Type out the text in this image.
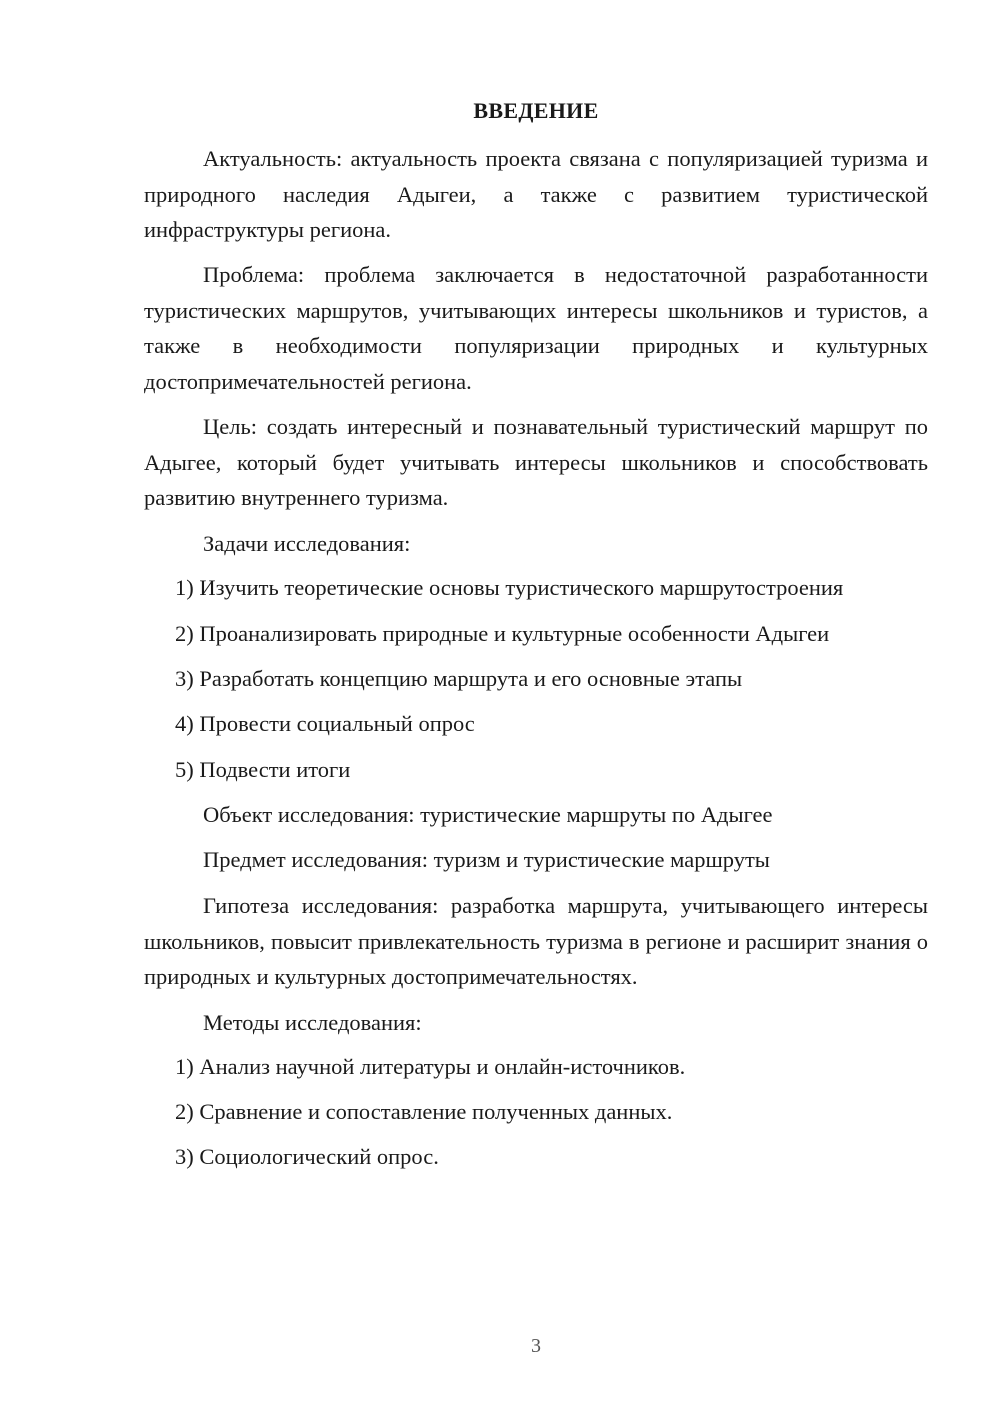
ВВЕДЕНИЕ

Актуальность: актуальность проекта связана с популяризацией туризма и природного наследия Адыгеи, а также с развитием туристической инфраструктуры региона.

Проблема: проблема заключается в недостаточной разработанности туристических маршрутов, учитывающих интересы школьников и туристов, а также в необходимости популяризации природных и культурных достопримечательностей региона.

Цель: создать интересный и познавательный туристический маршрут по Адыгее, который будет учитывать интересы школьников и способствовать развитию внутреннего туризма.

Задачи исследования:
1) Изучить теоретические основы туристического маршрутостроения
2) Проанализировать природные и культурные особенности Адыгеи
3) Разработать концепцию маршрута и его основные этапы
4) Провести социальный опрос
5) Подвести итоги
Объект исследования: туристические маршруты по Адыгее
Предмет исследования: туризм и туристические маршруты

Гипотеза исследования: разработка маршрута, учитывающего интересы школьников, повысит привлекательность туризма в регионе и расширит знания о природных и культурных достопримечательностях.

Методы исследования:
1) Анализ научной литературы и онлайн-источников.
2) Сравнение и сопоставление полученных данных.
3) Социологический опрос.
3
